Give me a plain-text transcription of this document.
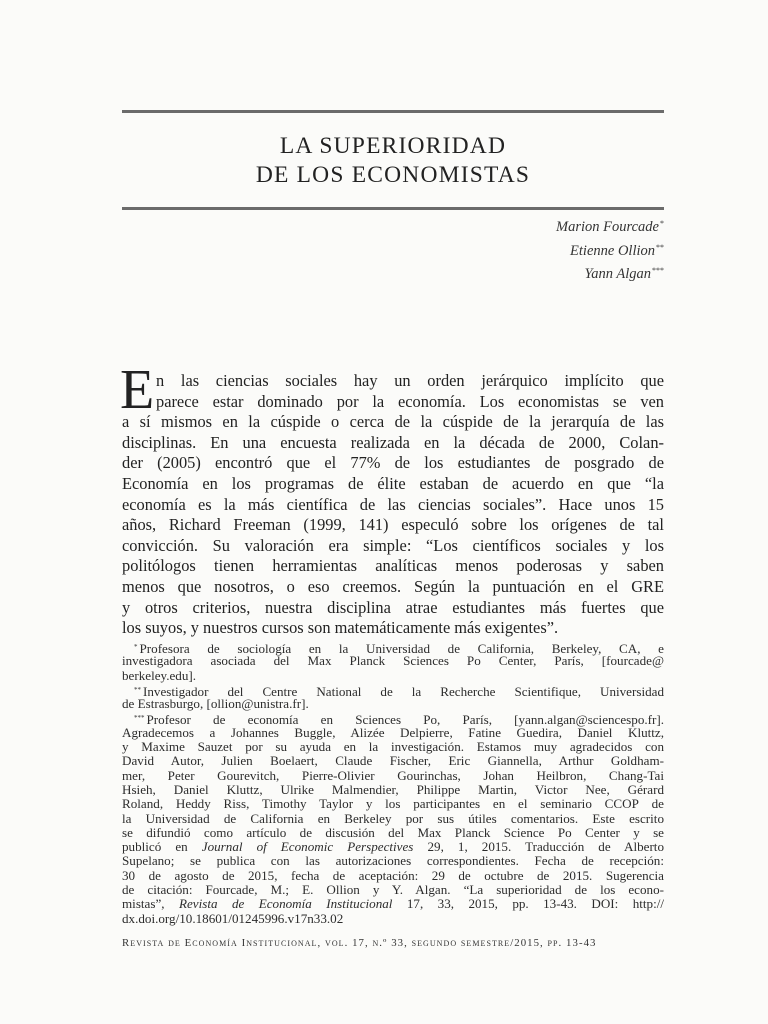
LA SUPERIORIDAD
DE LOS ECONOMISTAS
Marion Fourcade*
Etienne Ollion**
Yann Algan***
E n las ciencias sociales hay un orden jerárquico implícito que
parece estar dominado por la economía. Los economistas se ven
a sí mismos en la cúspide o cerca de la cúspide de la jerarquía de las
disciplinas. En una encuesta realizada en la década de 2000, Colan-
der (2005) encontró que el 77% de los estudiantes de posgrado de
Economía en los programas de élite estaban de acuerdo en que “la
economía es la más científica de las ciencias sociales”. Hace unos 15
años, Richard Freeman (1999, 141) especuló sobre los orígenes de tal
convicción. Su valoración era simple: “Los científicos sociales y los
politólogos tienen herramientas analíticas menos poderosas y saben
menos que nosotros, o eso creemos. Según la puntuación en el GRE
y otros criterios, nuestra disciplina atrae estudiantes más fuertes que
los suyos, y nuestros cursos son matemáticamente más exigentes”.
* Profesora de sociología en la Universidad de California, Berkeley, CA, e
investigadora asociada del Max Planck Sciences Po Center, París, [fourcade@
berkeley.edu].
** Investigador del Centre National de la Recherche Scientifique, Universidad
de Estrasburgo, [ollion@unistra.fr].
*** Profesor de economía en Sciences Po, París, [yann.algan@sciencespo.fr].
Agradecemos a Johannes Buggle, Alizée Delpierre, Fatine Guedira, Daniel Kluttz,
y Maxime Sauzet por su ayuda en la investigación. Estamos muy agradecidos con
David Autor, Julien Boelaert, Claude Fischer, Eric Giannella, Arthur Goldham-
mer, Peter Gourevitch, Pierre-Olivier Gourinchas, Johan Heilbron, Chang-Tai
Hsieh, Daniel Kluttz, Ulrike Malmendier, Philippe Martin, Victor Nee, Gérard
Roland, Heddy Riss, Timothy Taylor y los participantes en el seminario CCOP de
la Universidad de California en Berkeley por sus útiles comentarios. Este escrito
se difundió como artículo de discusión del Max Planck Science Po Center y se
publicó en Journal of Economic Perspectives 29, 1, 2015. Traducción de Alberto
Supelano; se publica con las autorizaciones correspondientes. Fecha de recepción:
30 de agosto de 2015, fecha de aceptación: 29 de octubre de 2015. Sugerencia
de citación: Fourcade, M.; E. Ollion y Y. Algan. “La superioridad de los econo-
mistas”, Revista de Economía Institucional 17, 33, 2015, pp. 13-43. DOI: http://
dx.doi.org/10.18601/01245996.v17n33.02
Revista de Economía Institucional, vol. 17, n.º 33, segundo semestre/2015, pp. 13-43
